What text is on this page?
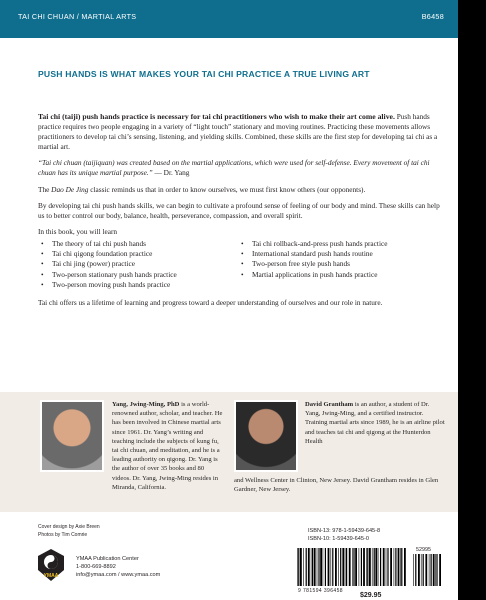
TAI CHI CHUAN / MARTIAL ARTS	B6458
PUSH HANDS IS WHAT MAKES YOUR TAI CHI PRACTICE A TRUE LIVING ART

Tai chi (taiji) push hands practice is necessary for tai chi practitioners who wish to make their art come alive. Push hands practice requires two people engaging in a variety of “light touch” stationary and moving routines. Practicing these movements allows practitioners to develop tai chi’s sensing, listening, and yielding skills. Combined, these skills are the first step for developing tai chi as a martial art.

“Tai chi chuan (taijiquan) was created based on the martial applications, which were used for self-defense. Every movement of tai chi chuan has its unique martial purpose.” — Dr. Yang

The Dao De Jing classic reminds us that in order to know ourselves, we must first know others (our opponents).

By developing tai chi push hands skills, we can begin to cultivate a profound sense of feeling of our body and mind. These skills can help us to better control our body, balance, health, perseverance, compassion, and overall spirit.

In this book, you will learn

• The theory of tai chi push hands
• Tai chi qigong foundation practice
• Tai chi jing (power) practice
• Two-person stationary push hands practice
• Two-person moving push hands practice
• Tai chi rollback-and-press push hands practice
• International standard push hands routine
• Two-person free style push hands
• Martial applications in push hands practice

Tai chi offers us a lifetime of learning and progress toward a deeper understanding of ourselves and our role in nature.

Yang, Jwing-Ming, PhD is a world-renowned author, scholar, and teacher. He has been involved in Chinese martial arts since 1961. Dr. Yang’s writing and teaching include the subjects of kung fu, tai chi chuan, and meditation, and he is a leading authority on qigong. Dr. Yang is the author of over 35 books and 80 videos. Dr. Yang, Jwing-Ming resides in Miranda, California.
David Grantham is an author, a student of Dr. Yang, Jwing-Ming, and a certified instructor. Training martial arts since 1989, he is an airline pilot and teaches tai chi and qigong at the Hunterdon Health
and Wellness Center in Clinton, New Jersey. David Grantham resides in Glen Gardner, New Jersey.
Cover design by Axie Breen
Photos by Tim Comrie
YMAA
YMAA Publication Center
1-800-669-8892
info@ymaa.com / www.ymaa.com
ISBN-13: 978-1-59439-645-8
ISBN-10: 1-59439-645-0
52995
9 781594 396458
$29.95
